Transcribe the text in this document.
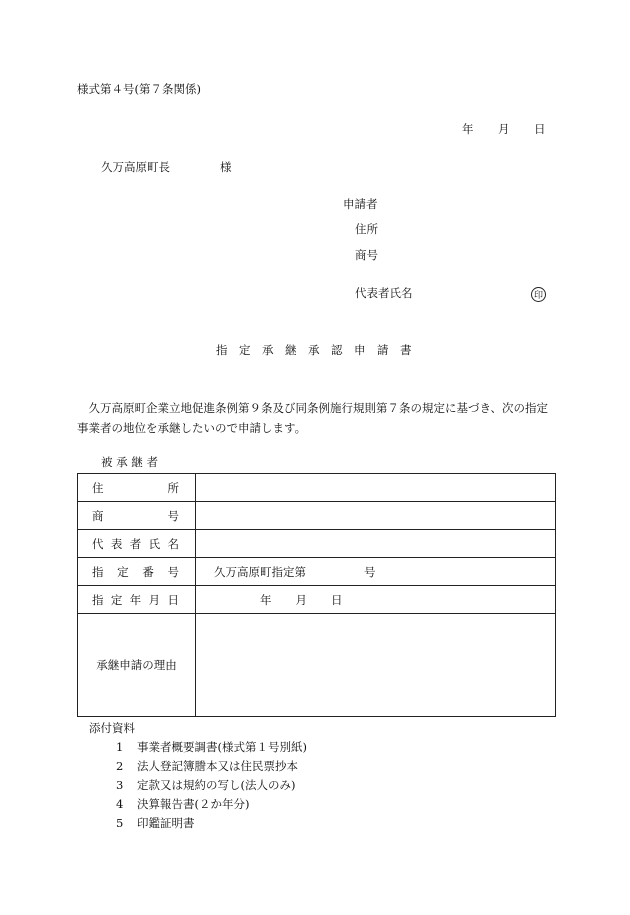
様式第４号(第７条関係)
年 月 日
久万高原町長	様
申請者
住所
商号
代表者氏名	印
指　定　承　継　承　認　申　請　書
久万高原町企業立地促進条例第９条及び同条例施行規則第７条の規定に基づき、次の指定事業者の地位を承継したいので申請します。
被 承 継 者
住 所	

商 号	

代 表 者 氏 名	

指 定 番 号	久万高原町指定第 号

指 定 年 月 日	年 月 日
承継申請の理由	
添付資料
1 事業者概要調書(様式第１号別紙)
2 法人登記簿謄本又は住民票抄本
3 定款又は規約の写し(法人のみ)
4 決算報告書(２か年分)
5 印鑑証明書
